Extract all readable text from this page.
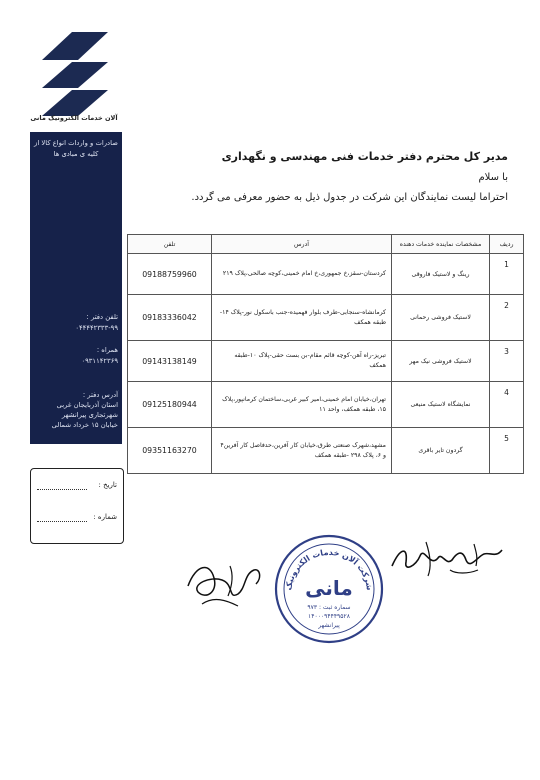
آلان خدمات الکترونیک مانی
صادرات و واردات انواع کالا از کلیه ی مبادی ها
تلفن دفتر :
۰۴۴۴۴۲۳۳۳-۹۹
همراه :
۰۹۳۱۱۴۲۳۶۹
آدرس دفتر :
استان آذربایجان غربی
شهرتجاری پیرانشهر
خیابان ۱۵ خرداد شمالی
تاریخ :
شماره :
مدیر کل محترم دفتر خدمات فنی مهندسی و نگهداری
با سلام
احتراما لیست نمایندگان این شرکت در جدول ذیل به حضور معرفی می گردد.
ردیف	مشخصات نماینده خدمات دهنده	آدرس	تلفن
1	رینگ و لاستیک فاروقی	کردستان-سقز،خ جمهوری،خ امام خمینی،کوچه صالحی،پلاک ۲۱۹	09188759960
2	لاستیک فروشی رحمانی	کرمانشاه-سنجابی-طرف بلوار فهمیده-جنب باسکول نور-پلاک ۱۴-طبقه همکف	09183336042
3	لاستیک فروشی نیک مهر	تبریز-راه آهن-کوچه قائم مقام-بن بست حقی-پلاک ۱۰-طبقه همکف	09143138149
4	نمایشگاه لاستیک منیعی	تهران،خیابان امام خمینی،امیر کبیر غربی،ساختمان کرمانپور،پلاک ۱۵، طبقه همکف، واحد ۱۱	09125180944
5	گردون تایر باقری	مشهد،شهرک صنعتی طرق،خیابان کار آفرین،حدفاصل کار آفرین۴ و ۶، پلاک ۲۹۸ -طبقه همکف	09351163270
شرکت آلان خدمات الکترونیک
مانی
سماره ثبت : ۹۷۳
۱۴۰۰۰۹۴۴۴۹۵۲۸
پیرانشهر
